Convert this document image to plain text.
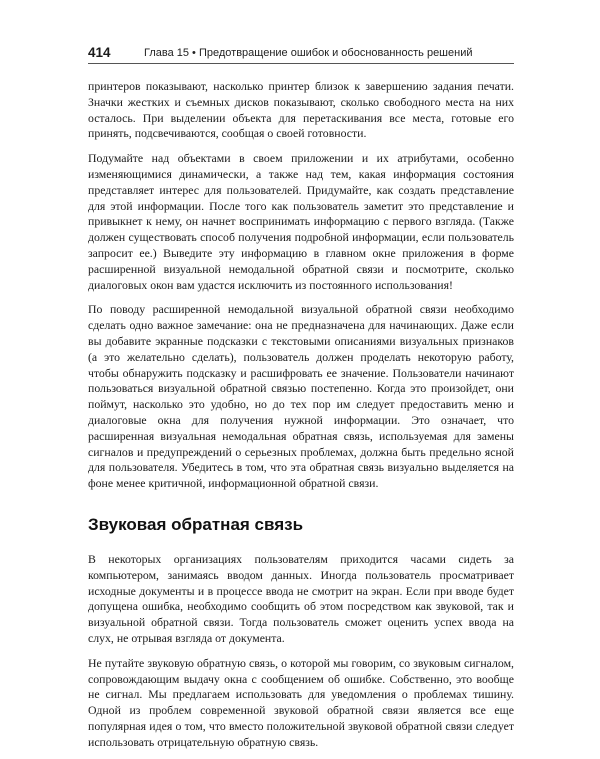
414	Глава 15 • Предотвращение ошибок и обоснованность решений

принтеров показывают, насколько принтер близок к завершению задания печати. Значки жестких и съемных дисков показывают, сколько свободного места на них осталось. При выделении объекта для перетаскивания все места, готовые его принять, подсвечиваются, сообщая о своей готовности.

Подумайте над объектами в своем приложении и их атрибутами, особенно изменяющимися динамически, а также над тем, какая информация состояния представляет интерес для пользователей. Придумайте, как создать представление для этой информации. После того как пользователь заметит это представление и привыкнет к нему, он начнет воспринимать информацию с первого взгляда. (Также должен существовать способ получения подробной информации, если пользователь запросит ее.) Выведите эту информацию в главном окне приложения в форме расширенной визуальной немодальной обратной связи и посмотрите, сколько диалоговых окон вам удастся исключить из постоянного использования!

По поводу расширенной немодальной визуальной обратной связи необходимо сделать одно важное замечание: она не предназначена для начинающих. Даже если вы добавите экранные подсказки с текстовыми описаниями визуальных признаков (а это желательно сделать), пользователь должен проделать некоторую работу, чтобы обнаружить подсказку и расшифровать ее значение. Пользователи начинают пользоваться визуальной обратной связью постепенно. Когда это произойдет, они поймут, насколько это удобно, но до тех пор им следует предоставить меню и диалоговые окна для получения нужной информации. Это означает, что расширенная визуальная немодальная обратная связь, используемая для замены сигналов и предупреждений о серьезных проблемах, должна быть предельно ясной для пользователя. Убедитесь в том, что эта обратная связь визуально выделяется на фоне менее критичной, информационной обратной связи.

Звуковая обратная связь

В некоторых организациях пользователям приходится часами сидеть за компьютером, занимаясь вводом данных. Иногда пользователь просматривает исходные документы и в процессе ввода не смотрит на экран. Если при вводе будет допущена ошибка, необходимо сообщить об этом посредством как звуковой, так и визуальной обратной связи. Тогда пользователь сможет оценить успех ввода на слух, не отрывая взгляда от документа.

Не путайте звуковую обратную связь, о которой мы говорим, со звуковым сигналом, сопровождающим выдачу окна с сообщением об ошибке. Собственно, это вообще не сигнал. Мы предлагаем использовать для уведомления о проблемах тишину. Одной из проблем современной звуковой обратной связи является все еще популярная идея о том, что вместо положительной звуковой обратной связи следует использовать отрицательную обратную связь.
